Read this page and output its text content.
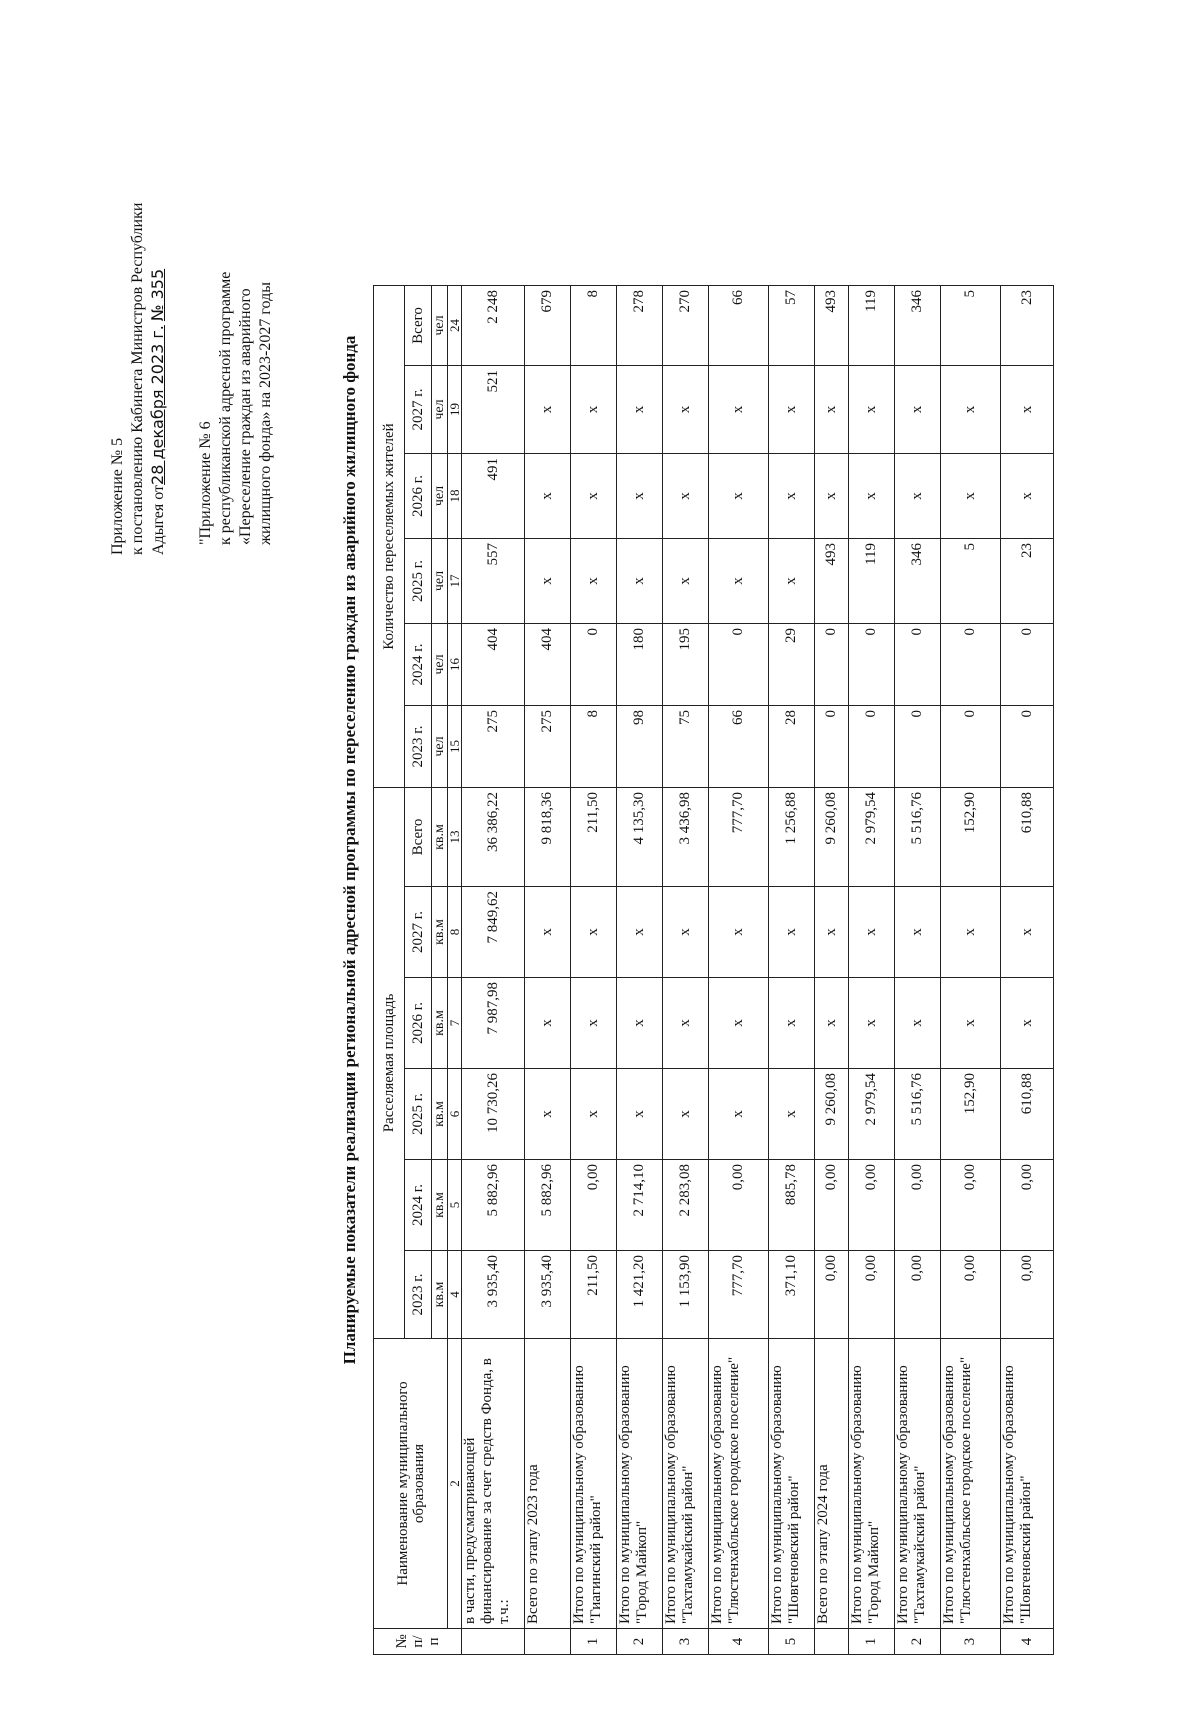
Приложение № 5 к постановлению Кабинета Министров Республики Адыгея от28 декабря 2023 г. № 355
"Приложение № 6 к республиканской адресной программе «Переселение граждан из аварийного жилищного фонда» на 2023-2027 годы	Планируемые показатели реализации региональной адресной программы по переселению граждан из аварийного жилищного фонда
№ п/п	Наименование муниципального образования	Расселяемая площадь						Количество переселяемых жителей					
		2023 г.	2024 г.	2025 г.	2026 г.	2027 г.	Всего	2023 г.	2024 г.	2025 г.	2026 г.	2027 г.	Всего
		кв.м	кв.м	кв.м	кв.м	кв.м	кв.м	чел	чел	чел	чел	чел	чел
	2	4	5	6	7	8	13	15	16	17	18	19	24
	в части, предусматривающей финансирование за счет средств Фонда, в т.ч.:	3 935,40	5 882,96	10 730,26	7 987,98	7 849,62	36 386,22	275	404	557	491	521	2 248
	Всего по этапу 2023 года	3 935,40	5 882,96	x	x	x	9 818,36	275	404	x	x	x	679
1	Итого по муниципальному образованию "Гиагинский район"	211,50	0,00	x	x	x	211,50	8	0	x	x	x	8
2	Итого по муниципальному образованию "Город Майкоп"	1 421,20	2 714,10	x	x	x	4 135,30	98	180	x	x	x	278
3	Итого по муниципальному образованию "Тахтамукайский район"	1 153,90	2 283,08	x	x	x	3 436,98	75	195	x	x	x	270
4	Итого по муниципальному образованию "Тлюстенхабльское городское поселение"	777,70	0,00	x	x	x	777,70	66	0	x	x	x	66
5	Итого по муниципальному образованию "Шовгеновский район"	371,10	885,78	x	x	x	1 256,88	28	29	x	x	x	57
	Всего по этапу 2024 года	0,00	0,00	9 260,08	x	x	9 260,08	0	0	493	x	x	493
1	Итого по муниципальному образованию "Город Майкоп"	0,00	0,00	2 979,54	x	x	2 979,54	0	0	119	x	x	119
2	Итого по муниципальному образованию "Тахтамукайский район"	0,00	0,00	5 516,76	x	x	5 516,76	0	0	346	x	x	346
3	Итого по муниципальному образованию "Тлюстенхабльское городское поселение"	0,00	0,00	152,90	x	x	152,90	0	0	5	x	x	5
4	Итого по муниципальному образованию "Шовгеновский район"	0,00	0,00	610,88	x	x	610,88	0	0	23	x	x	23
